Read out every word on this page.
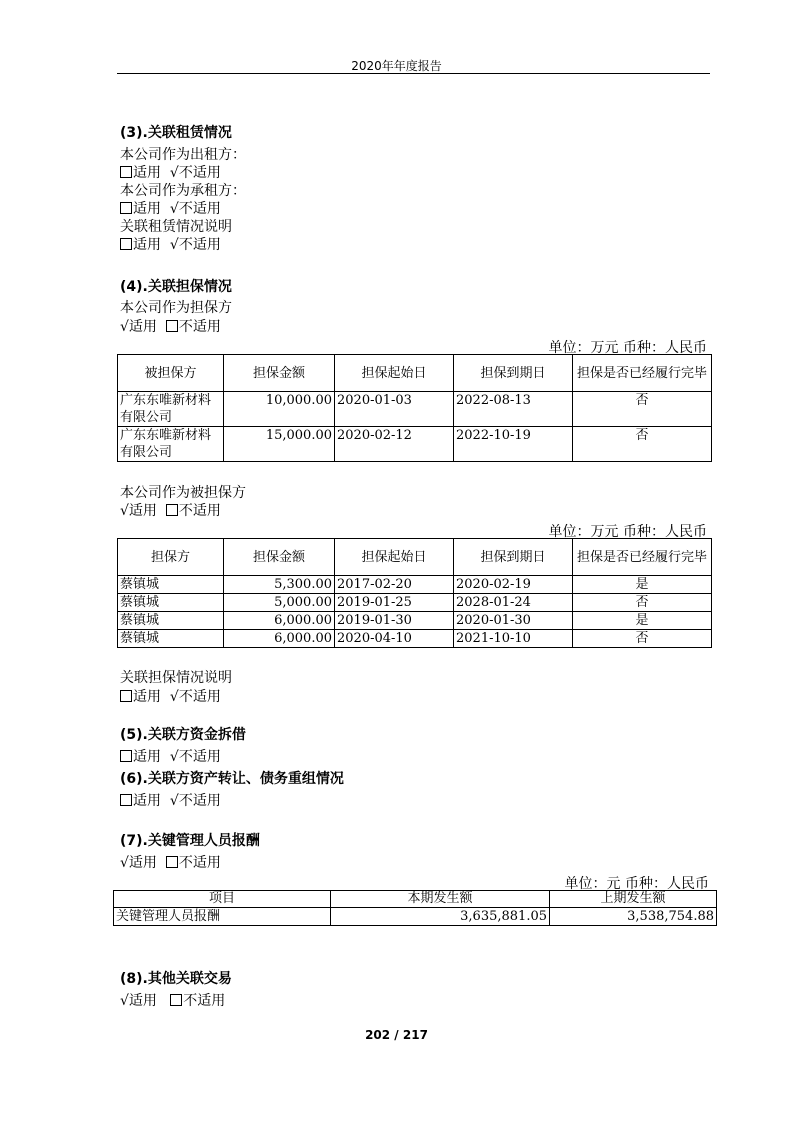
2020年年度报告
(3).关联租赁情况
本公司作为出租方：
适用 √不适用
本公司作为承租方：
适用 √不适用
关联租赁情况说明
适用 √不适用
(4).关联担保情况
本公司作为担保方
√适用 不适用
单位：万元 币种：人民币
被担保方	担保金额	担保起始日	担保到期日	担保是否已经履行完毕
广东东唯新材料有限公司	10,000.00	2020-01-03	2022-08-13	否
广东东唯新材料有限公司	15,000.00	2020-02-12	2022-10-19	否
本公司作为被担保方
√适用 不适用
单位：万元 币种：人民币
担保方	担保金额	担保起始日	担保到期日	担保是否已经履行完毕
蔡镇城	5,300.00	2017-02-20	2020-02-19	是
蔡镇城	5,000.00	2019-01-25	2028-01-24	否
蔡镇城	6,000.00	2019-01-30	2020-01-30	是
蔡镇城	6,000.00	2020-04-10	2021-10-10	否
关联担保情况说明
适用 √不适用
(5).关联方资金拆借
适用 √不适用
(6).关联方资产转让、债务重组情况
适用 √不适用
(7).关键管理人员报酬
√适用 不适用
单位：元 币种：人民币
项目	本期发生额	上期发生额
关键管理人员报酬	3,635,881.05	3,538,754.88
(8).其他关联交易
√适用 不适用
202 / 217
